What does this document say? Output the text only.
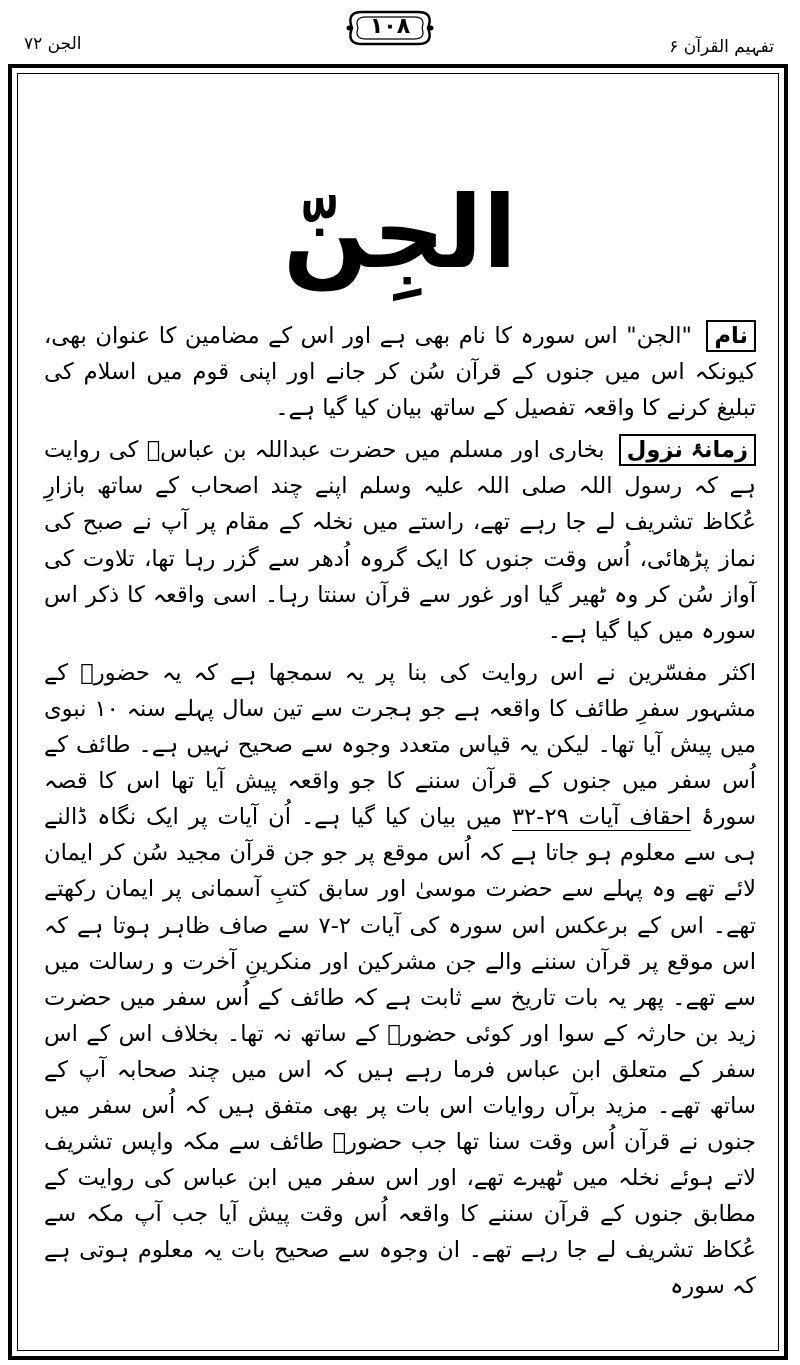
الجن ۷۲
۱۰۸
تفہیم القرآن ۶
الجِنّ

نام "الجن" اس سورہ کا نام بھی ہے اور اس کے مضامین کا عنوان بھی، کیونکہ اس میں جنوں کے قرآن سُن کر جانے اور اپنی قوم میں اسلام کی تبلیغ کرنے کا واقعہ تفصیل کے ساتھ بیان کیا گیا ہے۔

زمانۂ نزول بخاری اور مسلم میں حضرت عبداللہ بن عباسؓ کی روایت ہے کہ رسول اللہ صلی اللہ علیہ وسلم اپنے چند اصحاب کے ساتھ بازارِ عُکاظ تشریف لے جا رہے تھے، راستے میں نخلہ کے مقام پر آپ نے صبح کی نماز پڑھائی، اُس وقت جنوں کا ایک گروہ اُدھر سے گزر رہا تھا، تلاوت کی آواز سُن کر وہ ٹھیر گیا اور غور سے قرآن سنتا رہا۔ اسی واقعہ کا ذکر اس سورہ میں کیا گیا ہے۔

اکثر مفسّرین نے اس روایت کی بنا پر یہ سمجھا ہے کہ یہ حضورؐ کے مشہور سفرِ طائف کا واقعہ ہے جو ہجرت سے تین سال پہلے سنہ ۱۰ نبوی میں پیش آیا تھا۔ لیکن یہ قیاس متعدد وجوہ سے صحیح نہیں ہے۔ طائف کے اُس سفر میں جنوں کے قرآن سننے کا جو واقعہ پیش آیا تھا اس کا قصہ سورۂ احقاف آیات ۲۹-۳۲ میں بیان کیا گیا ہے۔ اُن آیات پر ایک نگاہ ڈالنے ہی سے معلوم ہو جاتا ہے کہ اُس موقع پر جو جن قرآن مجید سُن کر ایمان لائے تھے وہ پہلے سے حضرت موسیٰ اور سابق کتبِ آسمانی پر ایمان رکھتے تھے۔ اس کے برعکس اس سورہ کی آیات ۲-۷ سے صاف ظاہر ہوتا ہے کہ اس موقع پر قرآن سننے والے جن مشرکین اور منکرینِ آخرت و رسالت میں سے تھے۔ پھر یہ بات تاریخ سے ثابت ہے کہ طائف کے اُس سفر میں حضرت زید بن حارثہ کے سوا اور کوئی حضورؐ کے ساتھ نہ تھا۔ بخلاف اس کے اس سفر کے متعلق ابن عباس فرما رہے ہیں کہ اس میں چند صحابہ آپ کے ساتھ تھے۔ مزید برآں روایات اس بات پر بھی متفق ہیں کہ اُس سفر میں جنوں نے قرآن اُس وقت سنا تھا جب حضورؐ طائف سے مکہ واپس تشریف لاتے ہوئے نخلہ میں ٹھیرے تھے، اور اس سفر میں ابن عباس کی روایت کے مطابق جنوں کے قرآن سننے کا واقعہ اُس وقت پیش آیا جب آپ مکہ سے عُکاظ تشریف لے جا رہے تھے۔ ان وجوہ سے صحیح بات یہ معلوم ہوتی ہے کہ سورہ
